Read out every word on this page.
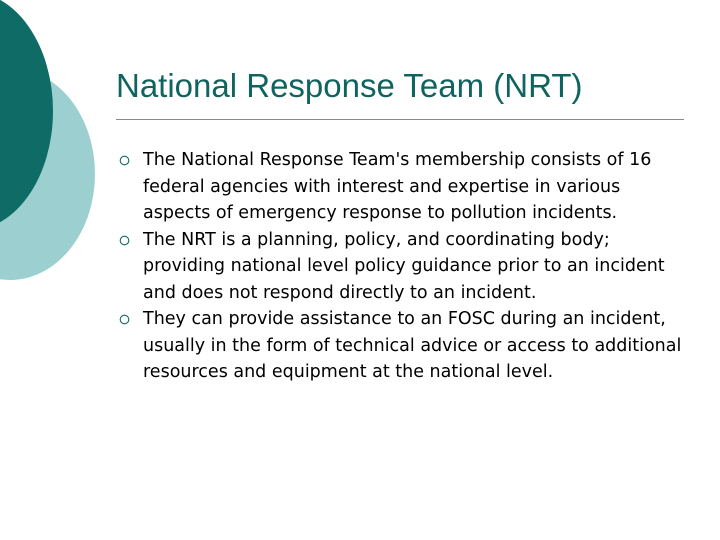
National Response Team (NRT)
The National Response Team's membership consists of 16 federal agencies with interest and expertise in various aspects of emergency response to pollution incidents.
The NRT is a planning, policy, and coordinating body; providing national level policy guidance prior to an incident and does not respond directly to an incident.
They can provide assistance to an FOSC during an incident, usually in the form of technical advice or access to additional resources and equipment at the national level.
